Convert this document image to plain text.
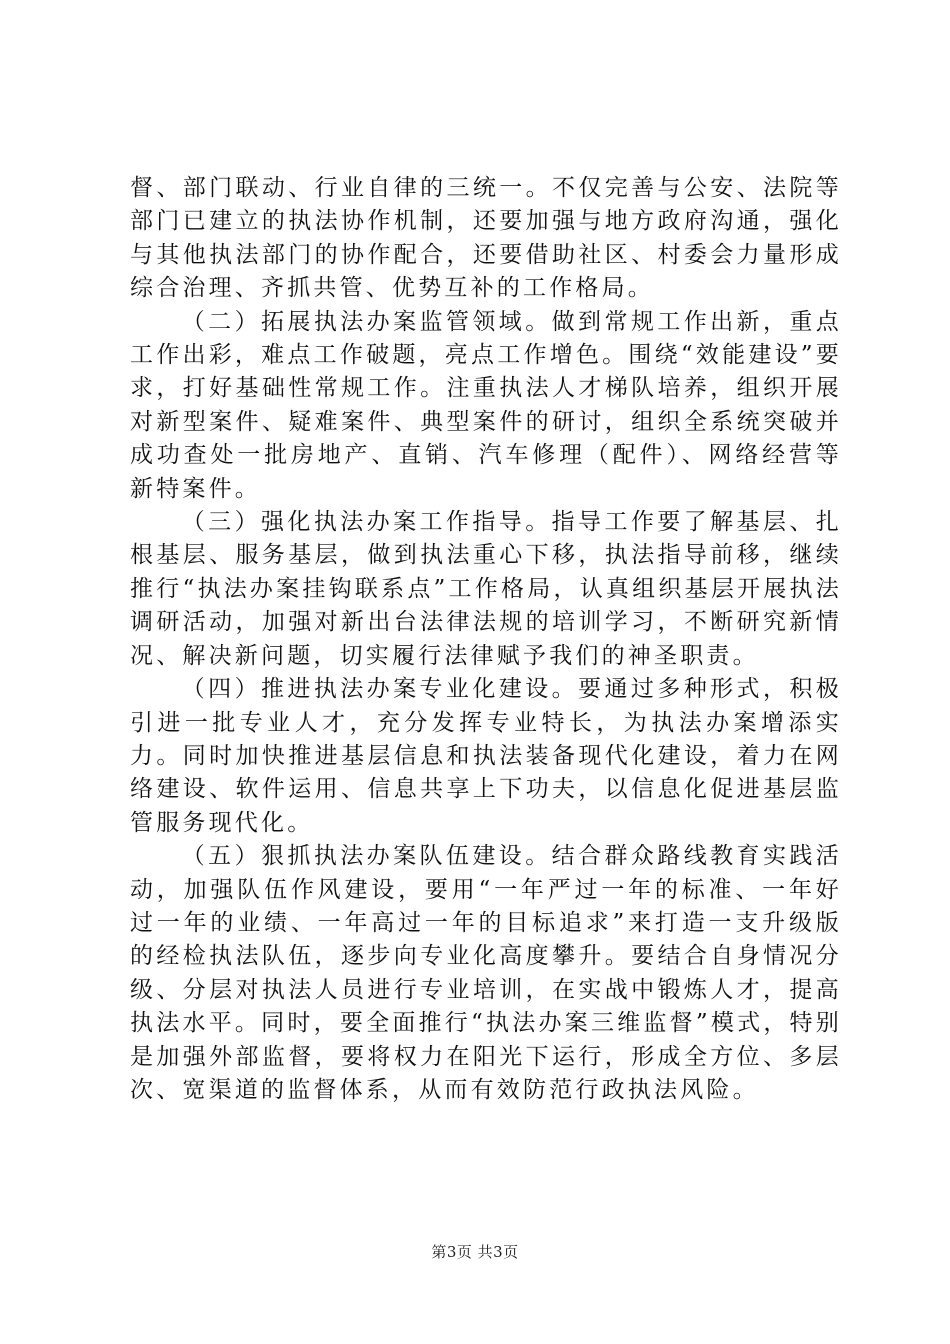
督、部门联动、行业自律的三统一。不仅完善与公安、法院等部门已建立的执法协作机制，还要加强与地方政府沟通，强化与其他执法部门的协作配合，还要借助社区、村委会力量形成综合治理、齐抓共管、优势互补的工作格局。

（二）拓展执法办案监管领域。做到常规工作出新，重点工作出彩，难点工作破题，亮点工作增色。围绕“效能建设”要求，打好基础性常规工作。注重执法人才梯队培养，组织开展对新型案件、疑难案件、典型案件的研讨，组织全系统突破并成功查处一批房地产、直销、汽车修理（配件）、网络经营等新特案件。

（三）强化执法办案工作指导。指导工作要了解基层、扎根基层、服务基层，做到执法重心下移，执法指导前移，继续推行“执法办案挂钩联系点”工作格局，认真组织基层开展执法调研活动，加强对新出台法律法规的培训学习，不断研究新情况、解决新问题，切实履行法律赋予我们的神圣职责。

（四）推进执法办案专业化建设。要通过多种形式，积极引进一批专业人才，充分发挥专业特长，为执法办案增添实力。同时加快推进基层信息和执法装备现代化建设，着力在网络建设、软件运用、信息共享上下功夫，以信息化促进基层监管服务现代化。

（五）狠抓执法办案队伍建设。结合群众路线教育实践活动，加强队伍作风建设，要用“一年严过一年的标准、一年好过一年的业绩、一年高过一年的目标追求”来打造一支升级版的经检执法队伍，逐步向专业化高度攀升。要结合自身情况分级、分层对执法人员进行专业培训，在实战中锻炼人才，提高执法水平。同时，要全面推行“执法办案三维监督”模式，特别是加强外部监督，要将权力在阳光下运行，形成全方位、多层次、宽渠道的监督体系，从而有效防范行政执法风险。

第3页 共3页
